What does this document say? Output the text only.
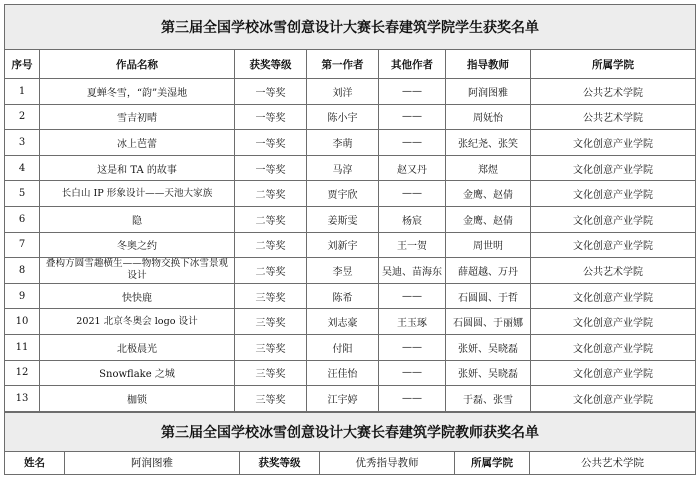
第三届全国学校冰雪创意设计大赛长春建筑学院学生获奖名单						
序号	作品名称	获奖等级	第一作者	其他作者	指导教师	所属学院
1	夏蝉冬雪，“韵”美湿地	一等奖	刘洋	——	阿润图雅	公共艺术学院
2	雪吉初晴	一等奖	陈小宇	——	周妩怡	公共艺术学院
3	冰上芭蕾	一等奖	李萌	——	张纪尧、张笑	文化创意产业学院
4	这是和 TA 的故事	一等奖	马淳	赵又丹	郑煜	文化创意产业学院
5	长白山 IP 形象设计——天池大家族	二等奖	贾宇欣	——	金鹰、赵倩	文化创意产业学院
6	隐	二等奖	姜斯雯	杨宸	金鹰、赵倩	文化创意产业学院
7	冬奥之约	二等奖	刘新宇	王一贺	周世明	文化创意产业学院
8	叠构方圆雪趣横生——物物交换下冰雪景观设计	二等奖	李昱	吴迪、苗海东	薛超越、万丹	公共艺术学院
9	快快鹿	三等奖	陈希	——	石圆圆、于哲	文化创意产业学院
10	2021 北京冬奥会 logo 设计	三等奖	刘志豪	王玉琢	石圆圆、于丽娜	文化创意产业学院
11	北极晨光	三等奖	付阳	——	张妍、吴晓磊	文化创意产业学院
12	Snowflake 之城	三等奖	汪佳怡	——	张妍、吴晓磊	文化创意产业学院
13	枷锁	三等奖	江宇婷	——	于磊、张雪	文化创意产业学院
第三届全国学校冰雪创意设计大赛长春建筑学院教师获奖名单
姓名	阿润图雅	获奖等级	优秀指导教师	所属学院	公共艺术学院
